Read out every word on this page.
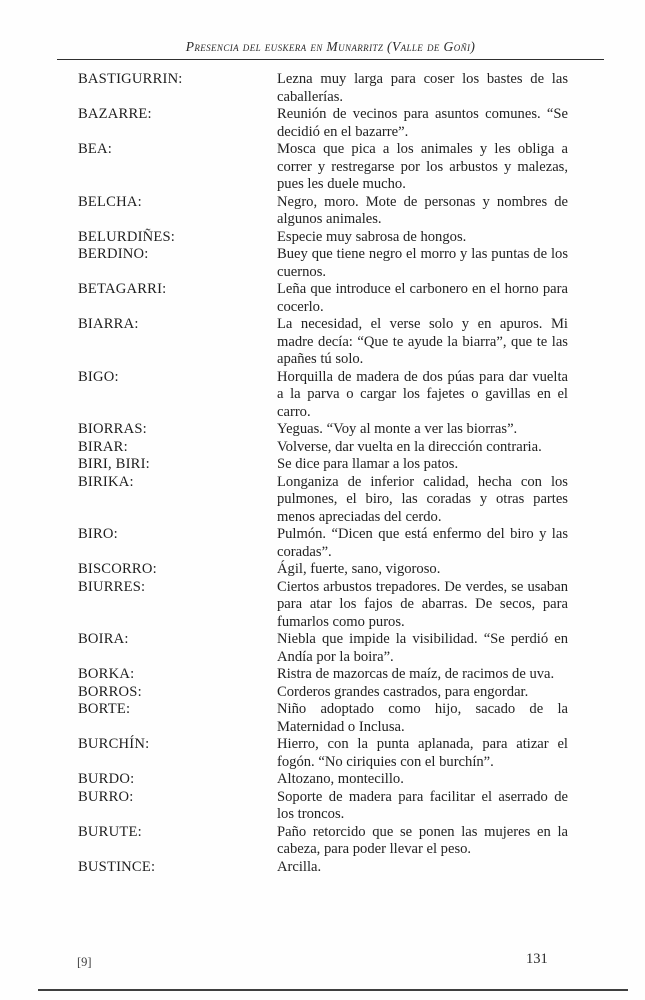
Presencia del euskera en Munarritz (Valle de Goñi)
BASTIGURRIN:	Lezna muy larga para coser los bastes de las caballerías.
BAZARRE:	Reunión de vecinos para asuntos comunes. “Se decidió en el bazarre”.
BEA:	Mosca que pica a los animales y les obliga a correr y restregarse por los arbustos y malezas, pues les duele mucho.
BELCHA:	Negro, moro. Mote de personas y nombres de algunos animales.
BELURDIÑES:	Especie muy sabrosa de hongos.
BERDINO:	Buey que tiene negro el morro y las puntas de los cuernos.
BETAGARRI:	Leña que introduce el carbonero en el horno para cocerlo.
BIARRA:	La necesidad, el verse solo y en apuros. Mi madre decía: “Que te ayude la biarra”, que te las apañes tú solo.
BIGO:	Horquilla de madera de dos púas para dar vuelta a la parva o cargar los fajetes o gavillas en el carro.
BIORRAS:	Yeguas. “Voy al monte a ver las biorras”.
BIRAR:	Volverse, dar vuelta en la dirección contraria.
BIRI, BIRI:	Se dice para llamar a los patos.
BIRIKA:	Longaniza de inferior calidad, hecha con los pulmones, el biro, las coradas y otras partes menos apreciadas del cerdo.
BIRO:	Pulmón. “Dicen que está enfermo del biro y las coradas”.
BISCORRO:	Ágil, fuerte, sano, vigoroso.
BIURRES:	Ciertos arbustos trepadores. De verdes, se usaban para atar los fajos de abarras. De secos, para fumarlos como puros.
BOIRA:	Niebla que impide la visibilidad. “Se perdió en Andía por la boira”.
BORKA:	Ristra de mazorcas de maíz, de racimos de uva.
BORROS:	Corderos grandes castrados, para engordar.
BORTE:	Niño adoptado como hijo, sacado de la Maternidad o Inclusa.
BURCHÍN:	Hierro, con la punta aplanada, para atizar el fogón. “No ciriquies con el burchín”.
BURDO:	Altozano, montecillo.
BURRO:	Soporte de madera para facilitar el aserrado de los troncos.
BURUTE:	Paño retorcido que se ponen las mujeres en la cabeza, para poder llevar el peso.
BUSTINCE:	Arcilla.
[9]	131
